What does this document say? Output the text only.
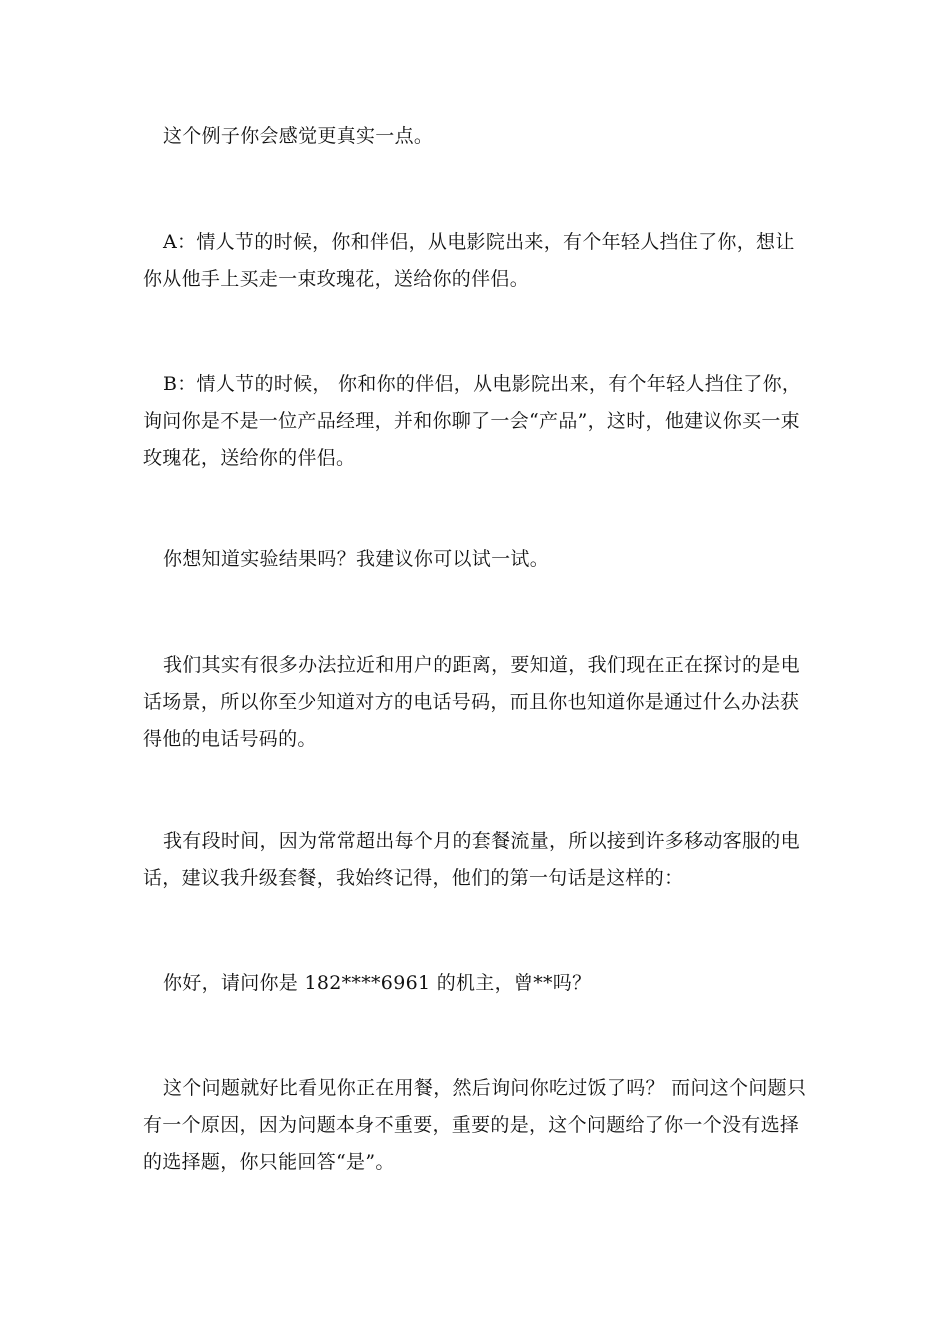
这个例子你会感觉更真实一点。

A：情人节的时候，你和伴侣，从电影院出来，有个年轻人挡住了你，想让你从他手上买走一束玫瑰花，送给你的伴侣。

B：情人节的时候， 你和你的伴侣，从电影院出来，有个年轻人挡住了你，询问你是不是一位产品经理，并和你聊了一会“产品”，这时，他建议你买一束玫瑰花，送给你的伴侣。

你想知道实验结果吗？我建议你可以试一试。

我们其实有很多办法拉近和用户的距离，要知道，我们现在正在探讨的是电话场景，所以你至少知道对方的电话号码，而且你也知道你是通过什么办法获得他的电话号码的。

我有段时间，因为常常超出每个月的套餐流量，所以接到许多移动客服的电话，建议我升级套餐，我始终记得，他们的第一句话是这样的：

你好，请问你是 182****6961 的机主，曾**吗？

这个问题就好比看见你正在用餐，然后询问你吃过饭了吗？ 而问这个问题只有一个原因，因为问题本身不重要，重要的是，这个问题给了你一个没有选择的选择题，你只能回答“是”。
